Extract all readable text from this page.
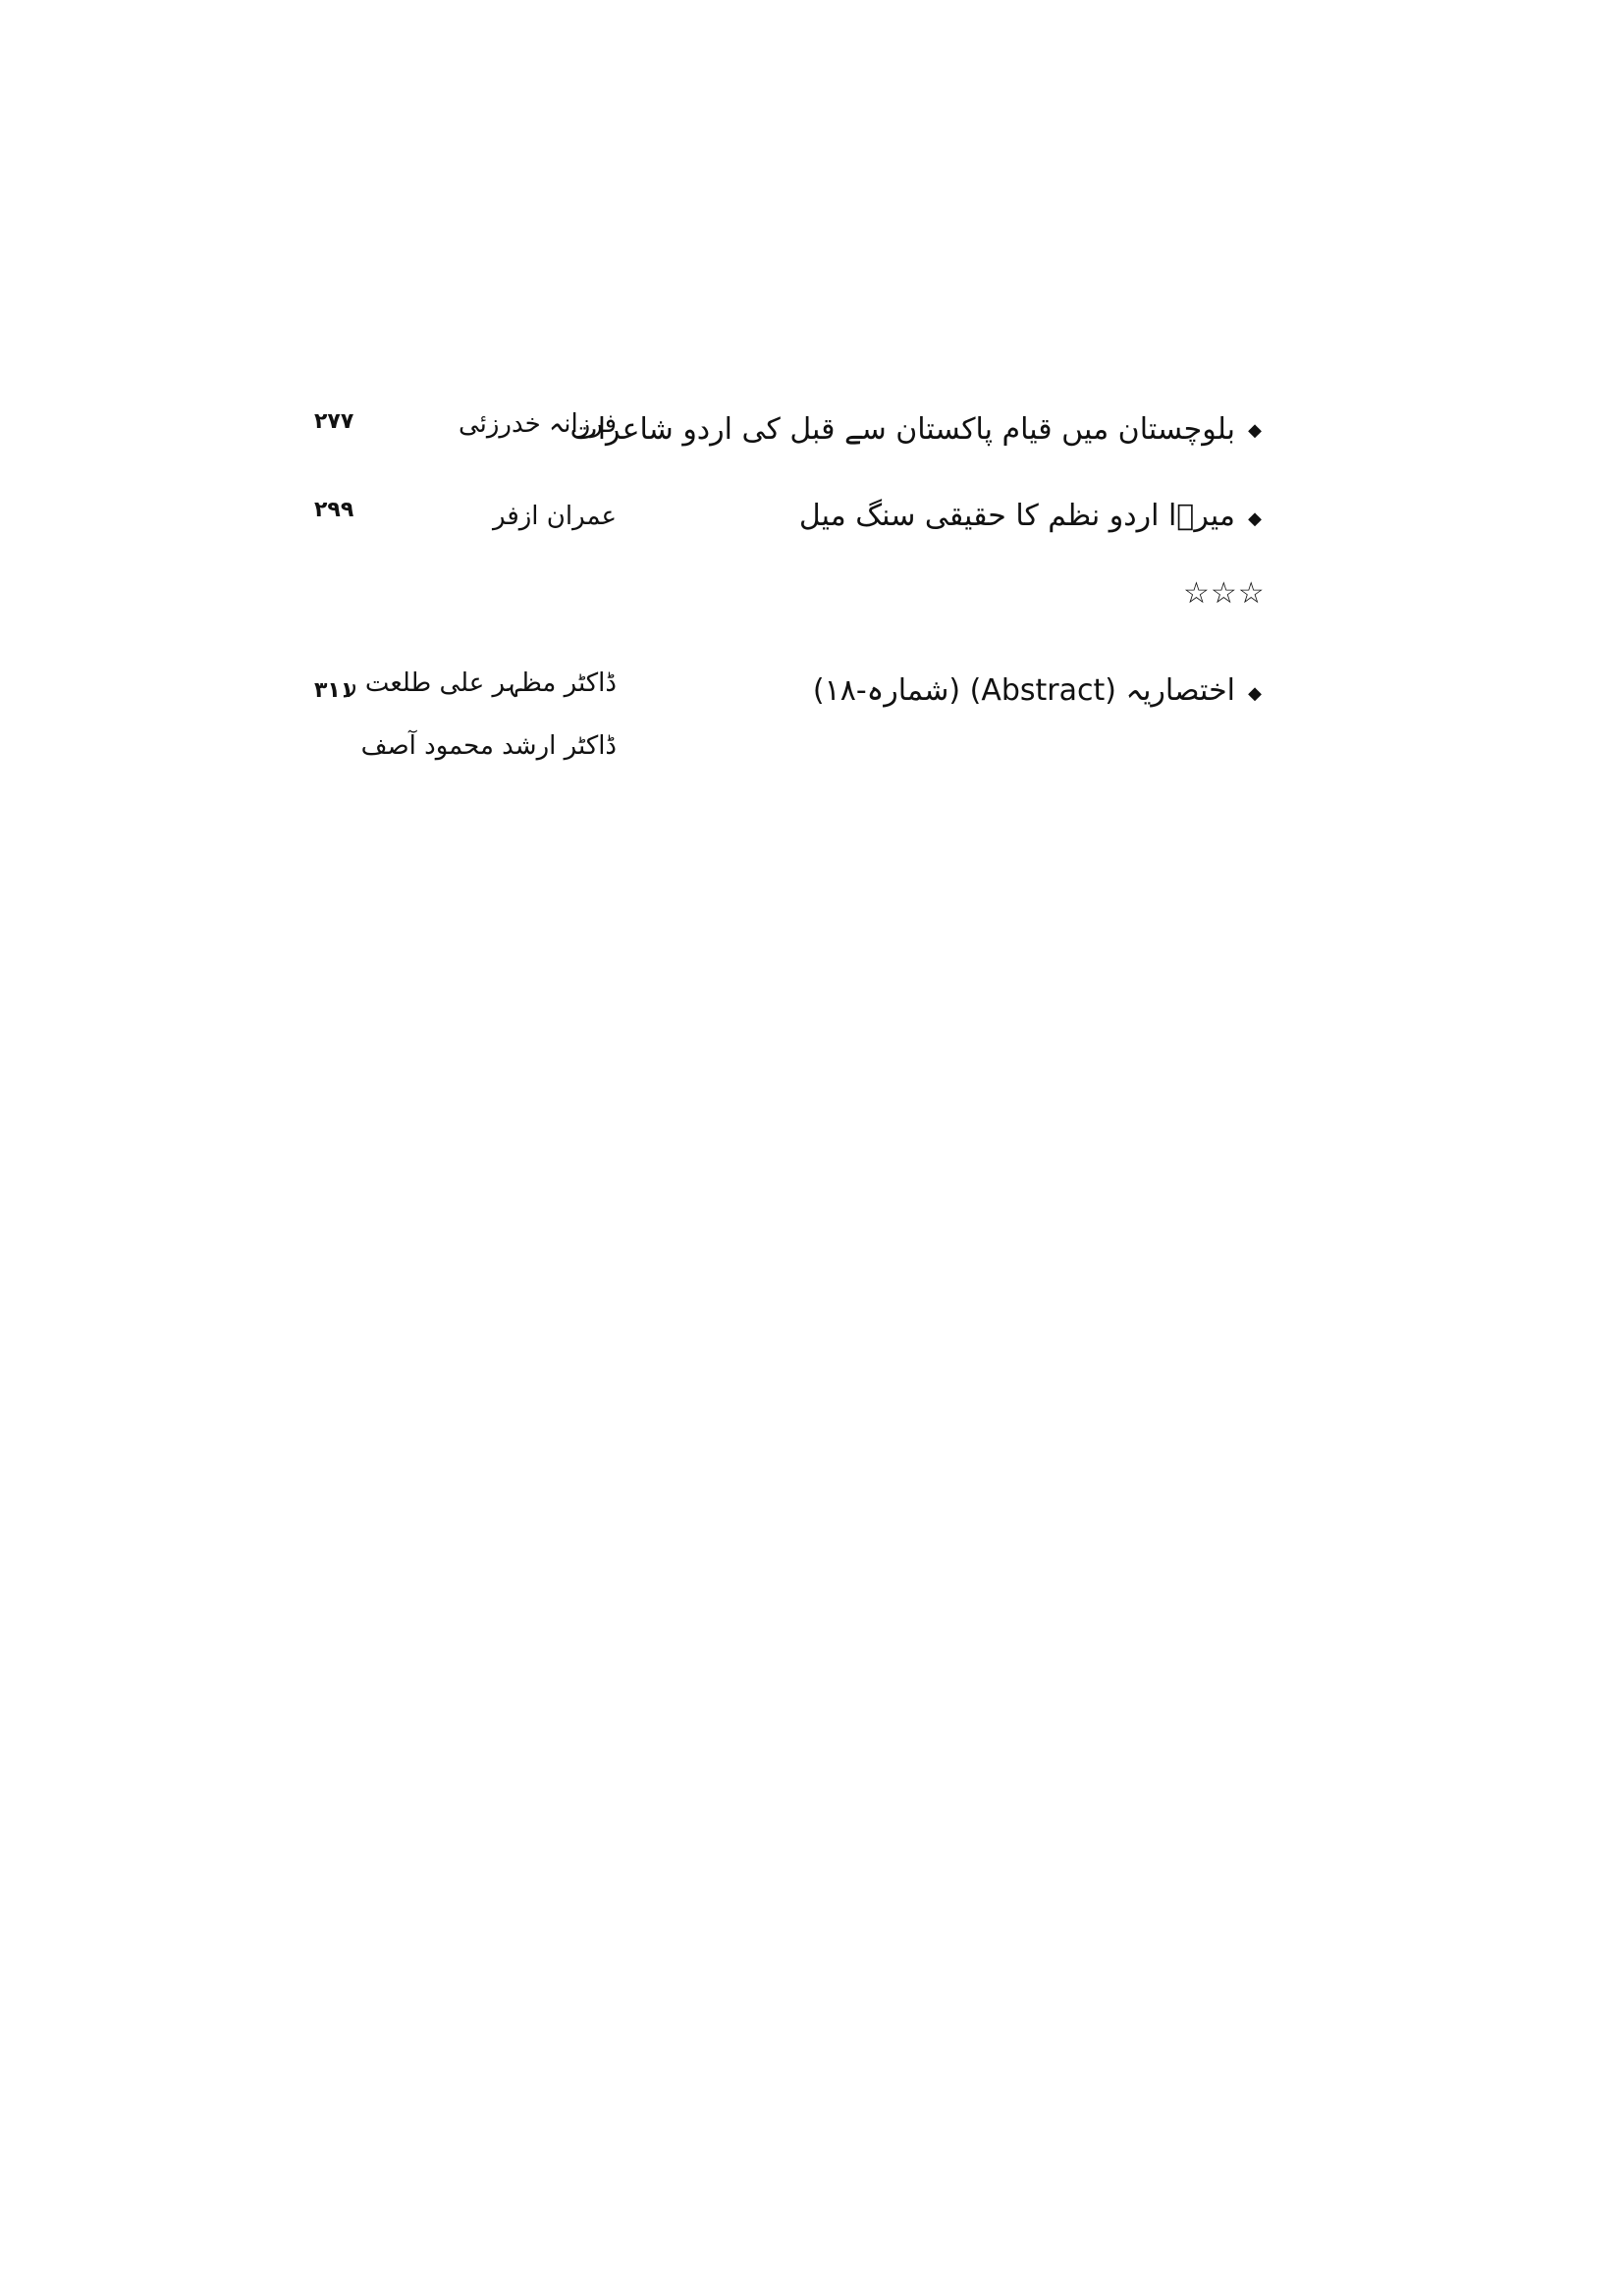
◆
بلوچستان میں قیام پاکستان سے قبل کی اردو شاعرات
فرزانہ خدرزئی
۲۷۷
◆
میرؔا اردو نظم کا حقیقی سنگ میل
عمران ازفر
۲۹۹
☆☆☆
◆
اختصاریہ (Abstract) (شمارہ-۱۸)
ڈاکٹر مظہر علی طلعت ر
ڈاکٹر ارشد محمود آصف
۳۱۱
